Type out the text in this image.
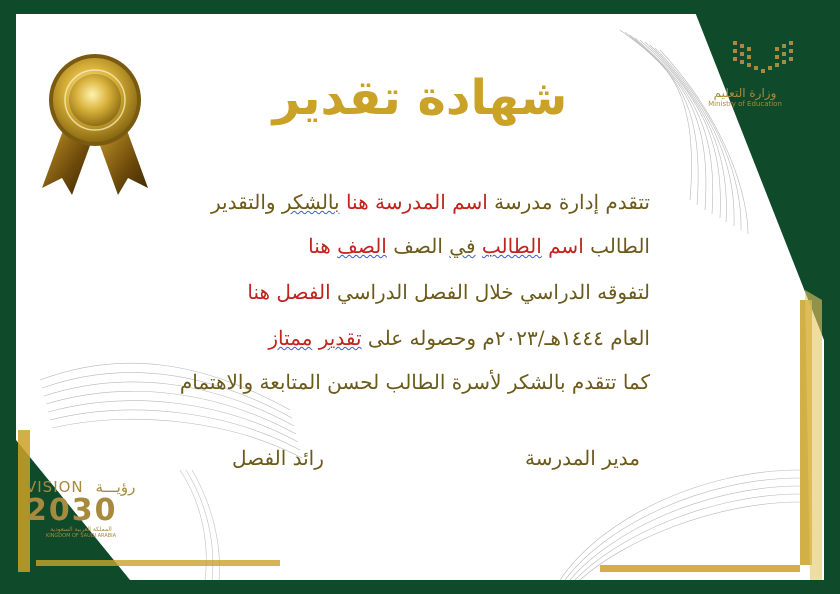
وزارة التعليم
Ministry of Education
شهادة تقدير
تتقدم إدارة مدرسة اسم المدرسة هنا بالشكر والتقدير
الطالب اسم الطالب في الصف الصف هنا
لتفوقه الدراسي خلال الفصل الدراسي الفصل هنا
العام ١٤٤٤هـ/٢٠٢٣م وحصوله على تقدير ممتاز
كما تتقدم بالشكر لأسرة الطالب لحسن المتابعة والاهتمام
مدير المدرسة
رائد الفصل
VISION رؤيـــة
2030
المملكة العربية السعودية
KINGDOM OF SAUDI ARABIA
